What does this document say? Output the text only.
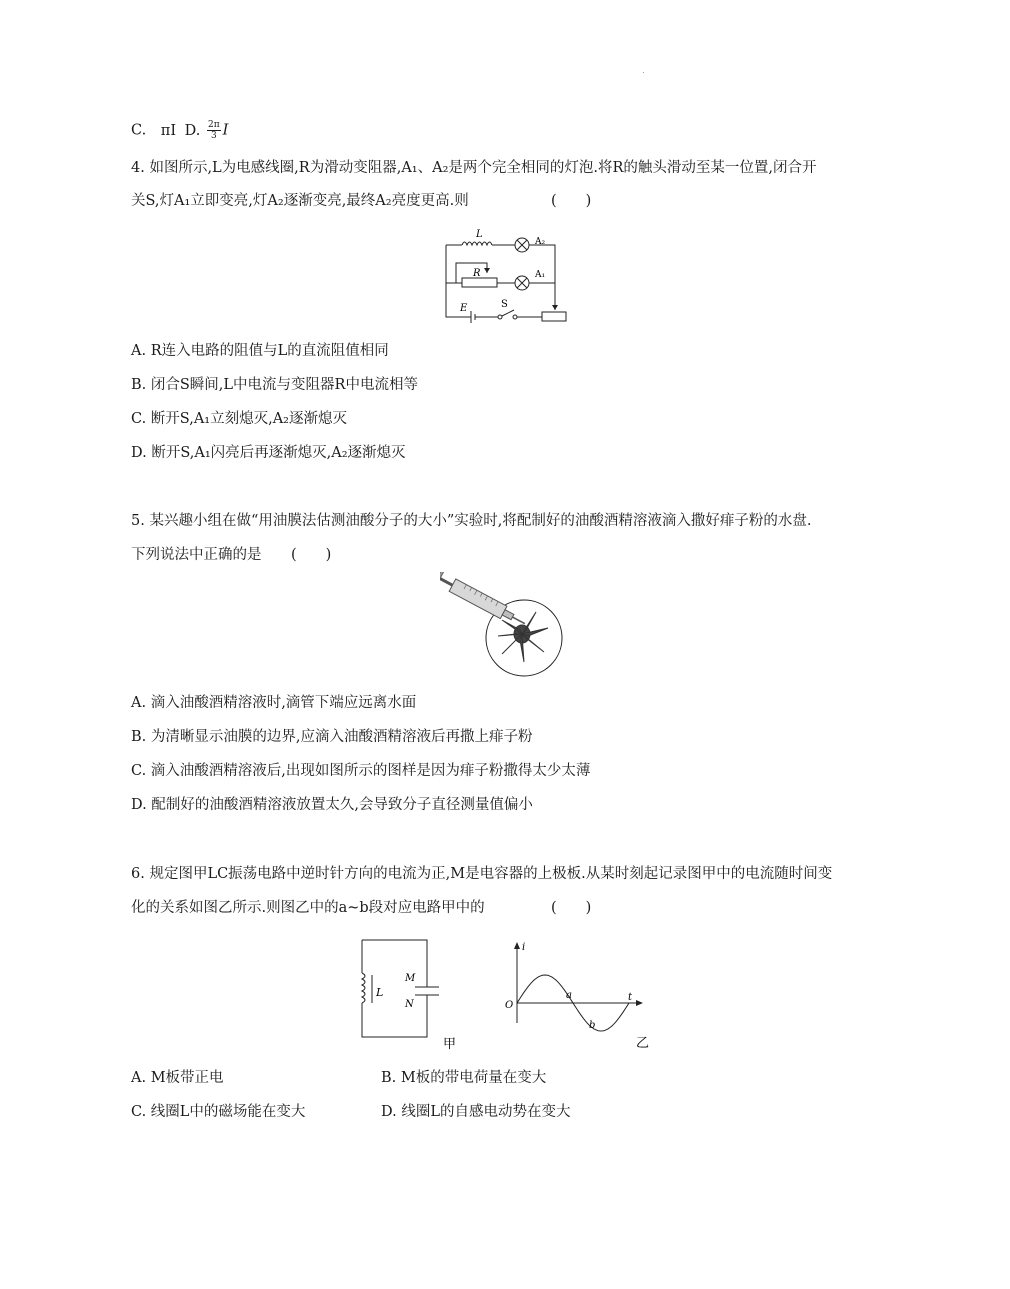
C. πI D. $\frac{2\pi}{3}$ I
4. 如图所示,L为电感线圈,R为滑动变阻器,A₁、A₂是两个完全相同的灯泡.将R的触头滑动至某一位置,闭合开
关S,灯A₁立即变亮,灯A₂逐渐变亮,最终A₂亮度更高.则	(　　)
L
A₂
R	A₁
E	S
A. R连入电路的阻值与L的直流阻值相同
B. 闭合S瞬间,L中电流与变阻器R中电流相等
C. 断开S,A₁立刻熄灭,A₂逐渐熄灭
D. 断开S,A₁闪亮后再逐渐熄灭,A₂逐渐熄灭
5. 某兴趣小组在做“用油膜法估测油酸分子的大小”实验时,将配制好的油酸酒精溶液滴入撒好痱子粉的水盘.
下列说法中正确的是 (　　)
A. 滴入油酸酒精溶液时,滴管下端应远离水面
B. 为清晰显示油膜的边界,应滴入油酸酒精溶液后再撒上痱子粉
C. 滴入油酸酒精溶液后,出现如图所示的图样是因为痱子粉撒得太少太薄
D. 配制好的油酸酒精溶液放置太久,会导致分子直径测量值偏小
6. 规定图甲LC振荡电路中逆时针方向的电流为正,M是电容器的上极板.从某时刻起记录图甲中的电流随时间变
化的关系如图乙所示.则图乙中的a~b段对应电路甲中的	(　　)
L
M
N
甲
i
t
O
a
b
乙
A. M板带正电	B. M板的带电荷量在变大
C. 线圈L中的磁场能在变大	D. 线圈L的自感电动势在变大
